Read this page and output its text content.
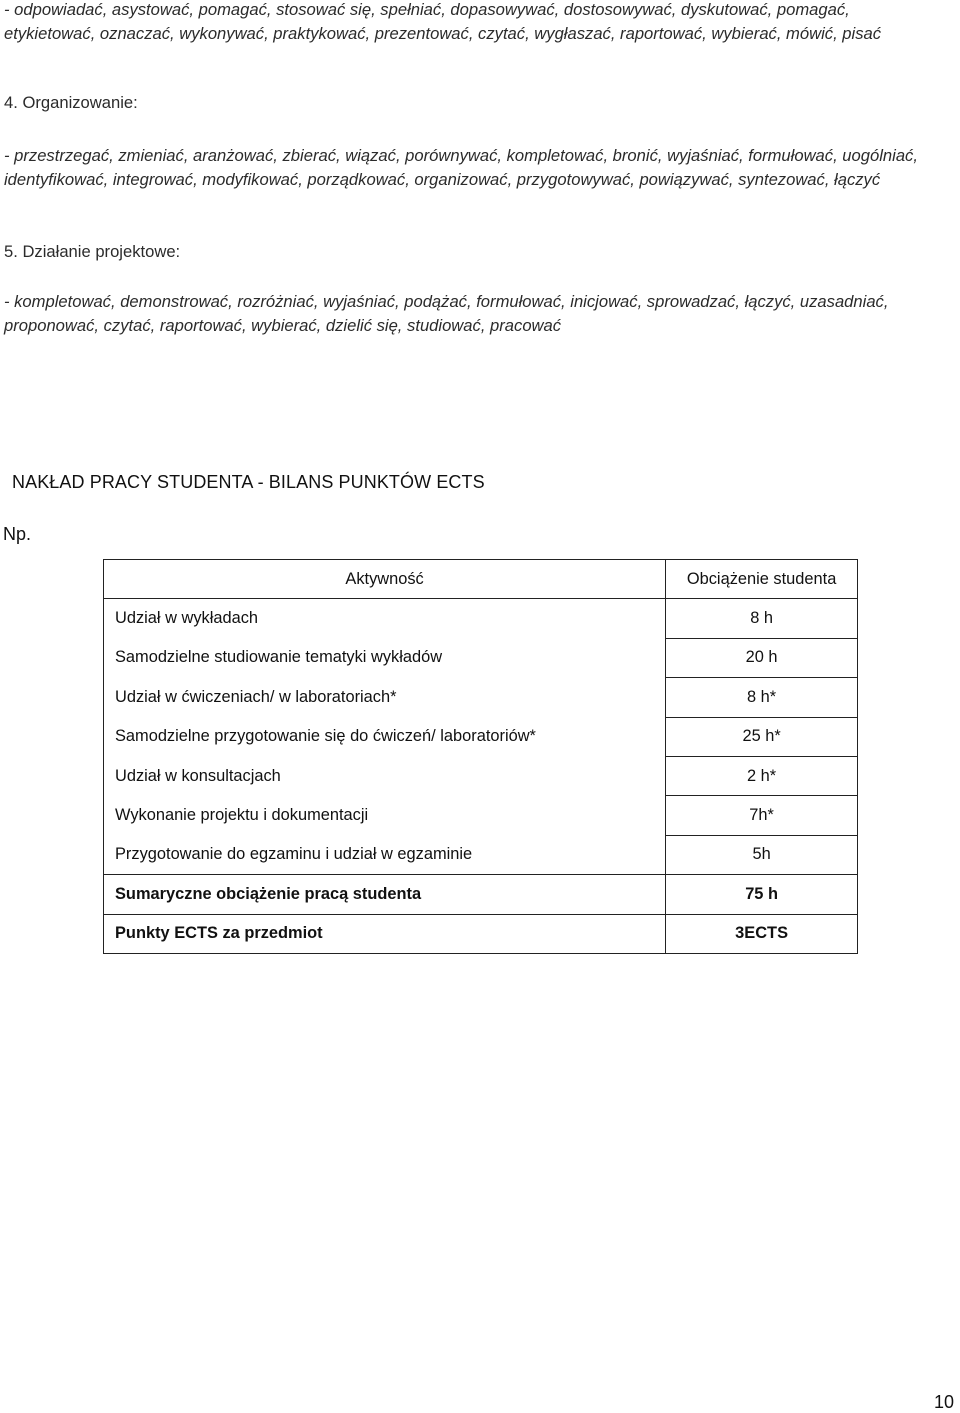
- odpowiadać, asystować, pomagać, stosować się, spełniać, dopasowywać, dostosowywać, dyskutować, pomagać, etykietować, oznaczać, wykonywać, praktykować, prezentować, czytać, wygłaszać, raportować, wybierać, mówić, pisać
4. Organizowanie:
- przestrzegać, zmieniać, aranżować, zbierać, wiązać, porównywać, kompletować, bronić, wyjaśniać, formułować, uogólniać, identyfikować, integrować, modyfikować, porządkować, organizować, przygotowywać, powiązywać, syntezować, łączyć
5. Działanie projektowe:
- kompletować, demonstrować, rozróżniać, wyjaśniać, podążać, formułować, inicjować, sprowadzać, łączyć, uzasadniać, proponować, czytać, raportować, wybierać, dzielić się, studiować, pracować
NAKŁAD PRACY STUDENTA - BILANS PUNKTÓW ECTS
Np.
Aktywność	Obciążenie studenta
Udział w wykładach	8 h
Samodzielne studiowanie tematyki wykładów	20 h
Udział w ćwiczeniach/ w laboratoriach*	8 h*
Samodzielne przygotowanie się do ćwiczeń/ laboratoriów*	25 h*
Udział w konsultacjach	2 h*
Wykonanie projektu i dokumentacji	7h*
Przygotowanie do egzaminu i udział w egzaminie	5h
Sumaryczne obciążenie pracą studenta	75 h
Punkty ECTS za przedmiot	3ECTS
10
